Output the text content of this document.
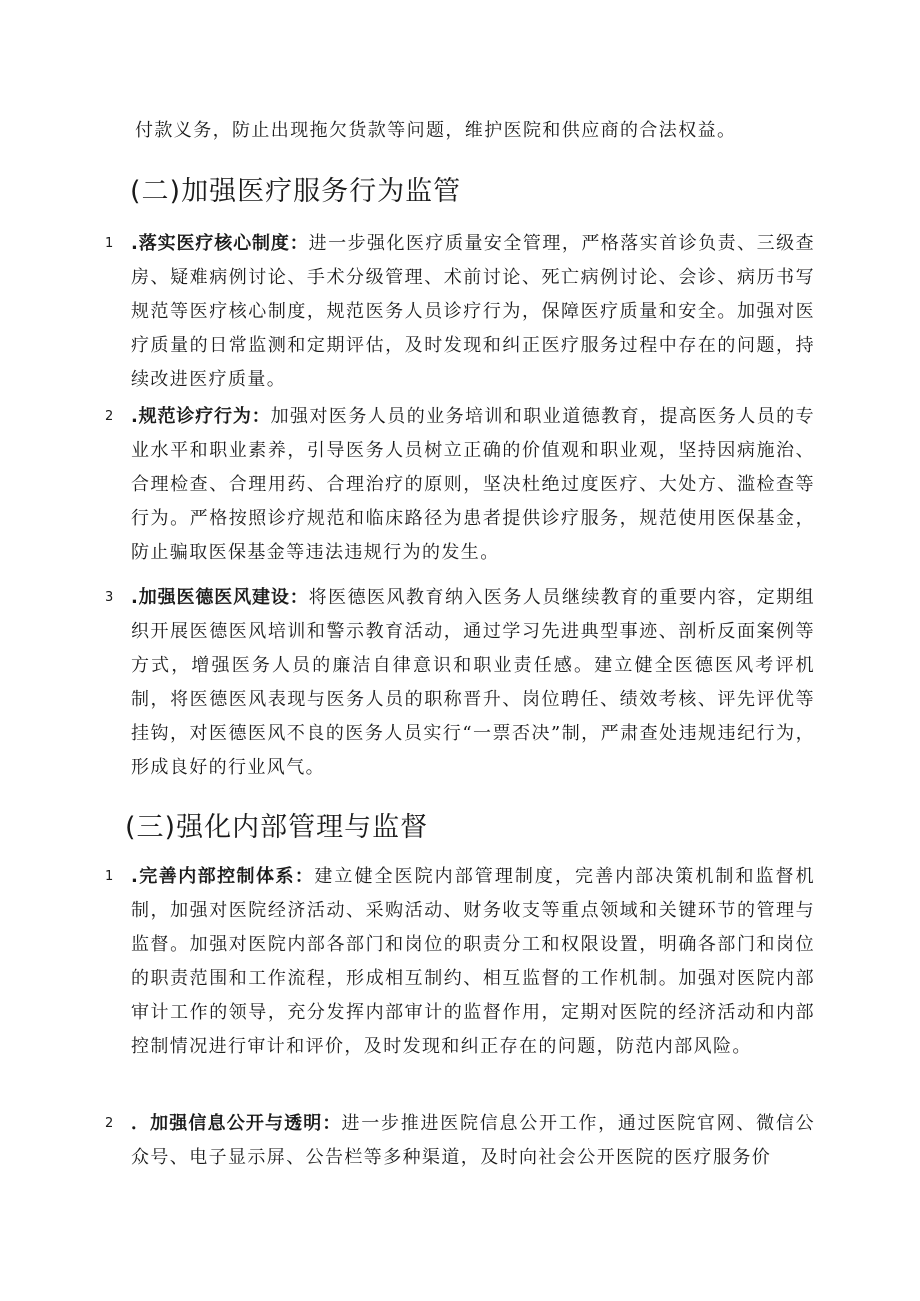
付款义务，防止出现拖欠货款等问题，维护医院和供应商的合法权益。

(二)加强医疗服务行为监管
1 .落实医疗核心制度：进一步强化医疗质量安全管理，严格落实首诊负责、三级查房、疑难病例讨论、手术分级管理、术前讨论、死亡病例讨论、会诊、病历书写规范等医疗核心制度，规范医务人员诊疗行为，保障医疗质量和安全。加强对医疗质量的日常监测和定期评估，及时发现和纠正医疗服务过程中存在的问题，持续改进医疗质量。
2 .规范诊疗行为：加强对医务人员的业务培训和职业道德教育，提高医务人员的专业水平和职业素养，引导医务人员树立正确的价值观和职业观，坚持因病施治、合理检查、合理用药、合理治疗的原则，坚决杜绝过度医疗、大处方、滥检查等行为。严格按照诊疗规范和临床路径为患者提供诊疗服务，规范使用医保基金，防止骗取医保基金等违法违规行为的发生。
3 .加强医德医风建设：将医德医风教育纳入医务人员继续教育的重要内容，定期组织开展医德医风培训和警示教育活动，通过学习先进典型事迹、剖析反面案例等方式，增强医务人员的廉洁自律意识和职业责任感。建立健全医德医风考评机制，将医德医风表现与医务人员的职称晋升、岗位聘任、绩效考核、评先评优等挂钩，对医德医风不良的医务人员实行“一票否决”制，严肃查处违规违纪行为，形成良好的行业风气。
(三)强化内部管理与监督
1 .完善内部控制体系：建立健全医院内部管理制度，完善内部决策机制和监督机制，加强对医院经济活动、采购活动、财务收支等重点领域和关键环节的管理与监督。加强对医院内部各部门和岗位的职责分工和权限设置，明确各部门和岗位的职责范围和工作流程，形成相互制约、相互监督的工作机制。加强对医院内部审计工作的领导，充分发挥内部审计的监督作用，定期对医院的经济活动和内部控制情况进行审计和评价，及时发现和纠正存在的问题，防范内部风险。
2 ．加强信息公开与透明：进一步推进医院信息公开工作，通过医院官网、微信公众号、电子显示屏、公告栏等多种渠道，及时向社会公开医院的医疗服务价
